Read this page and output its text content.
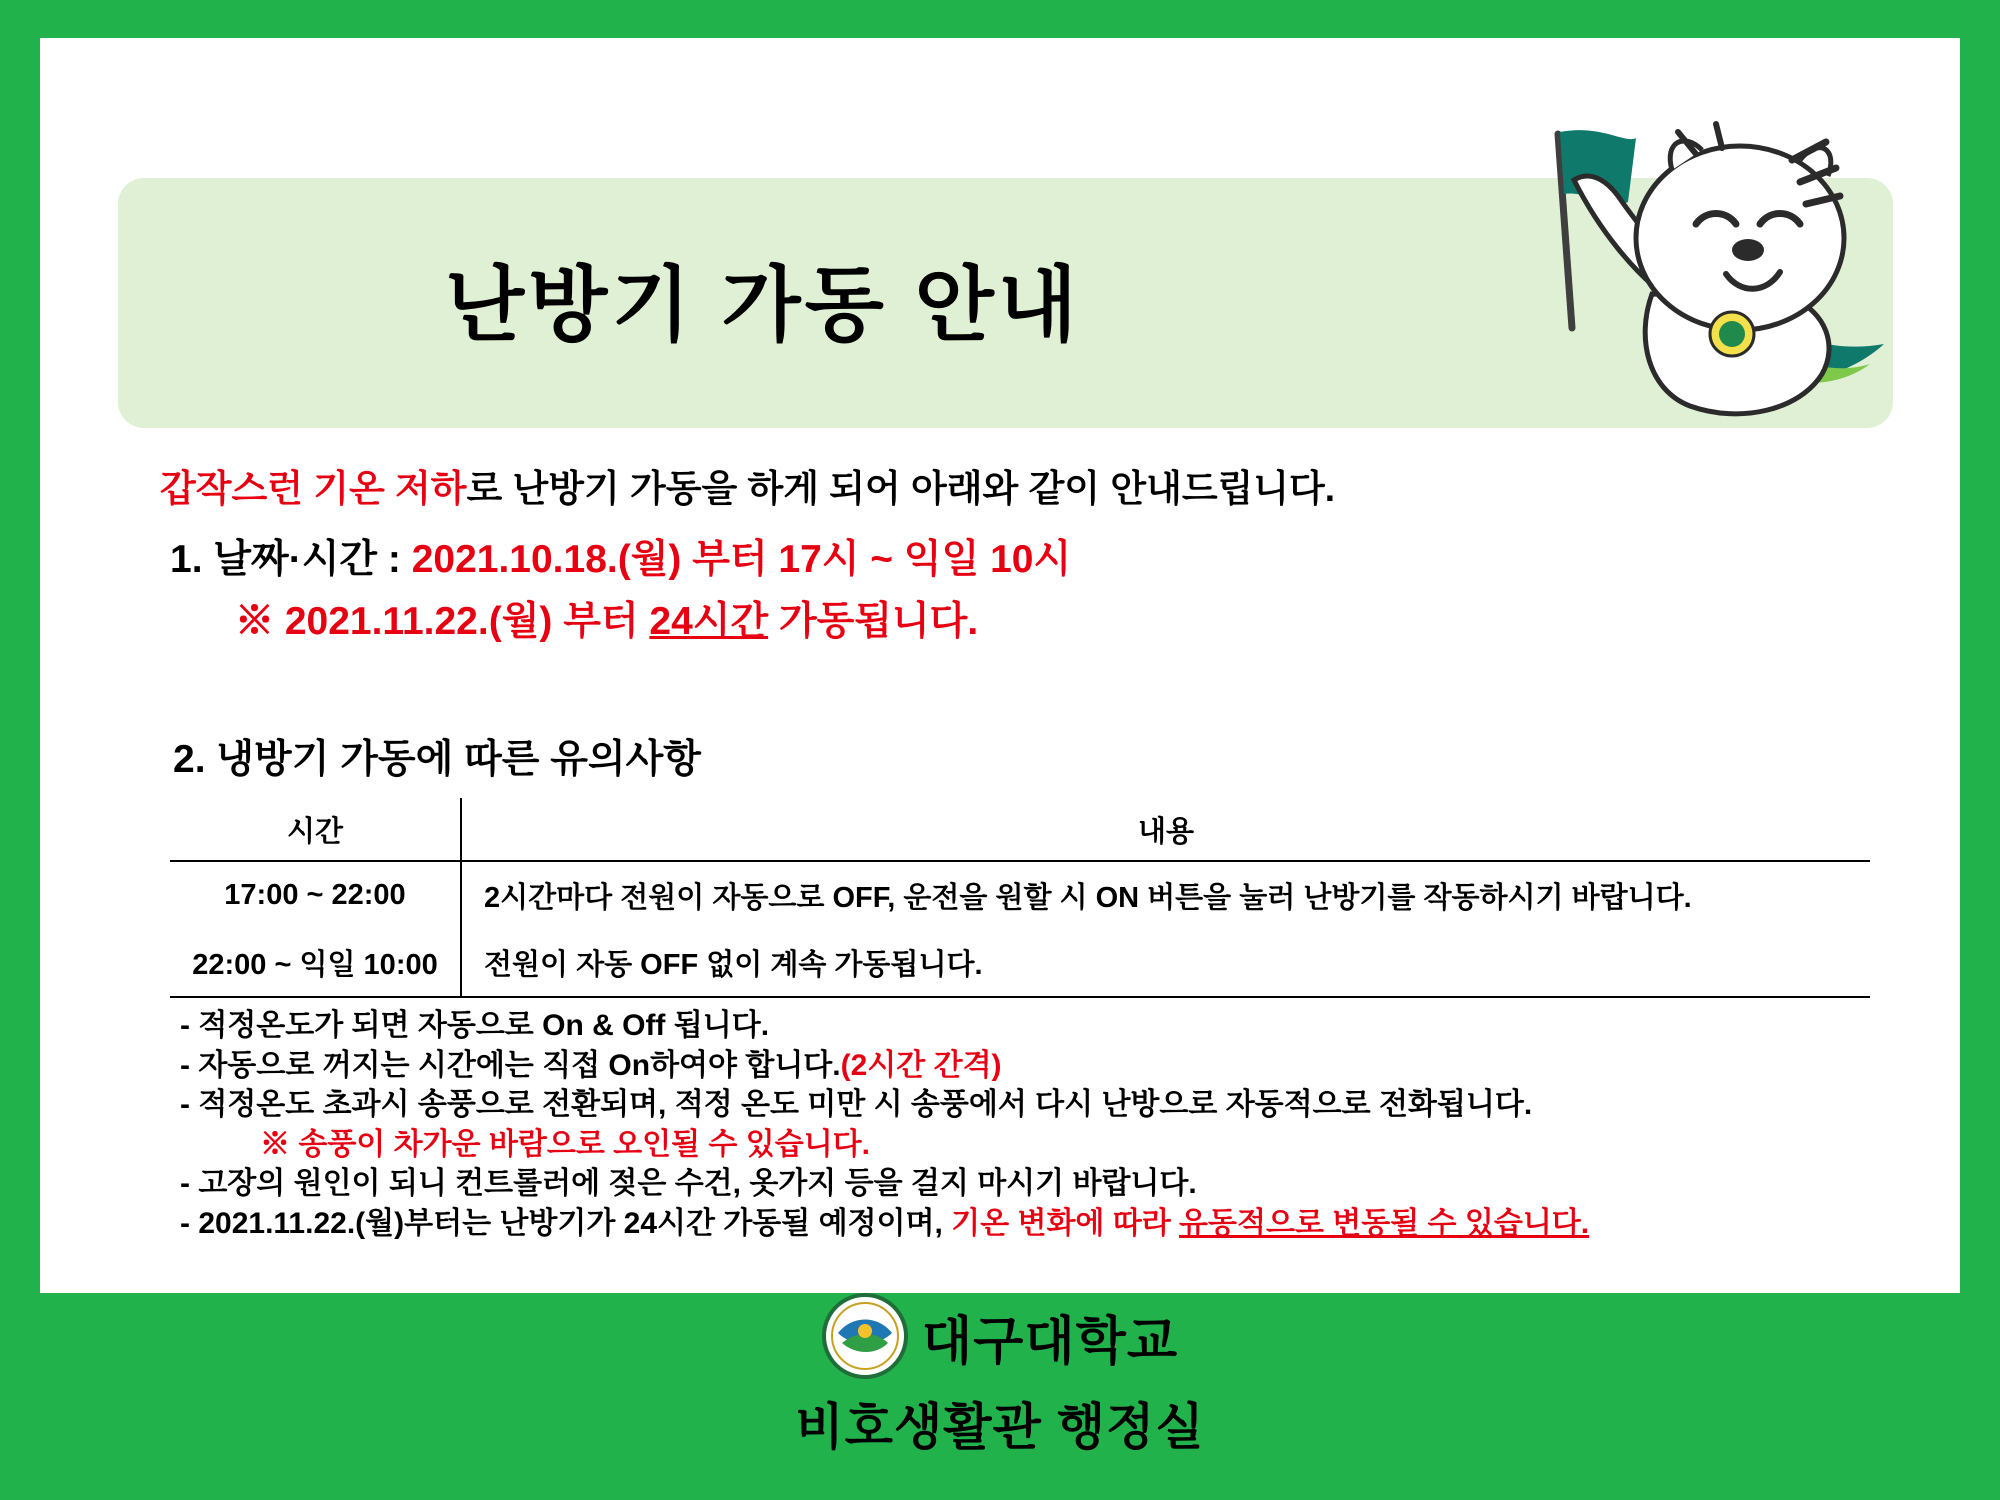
난방기 가동 안내
갑작스런 기온 저하로 난방기 가동을 하게 되어 아래와 같이 안내드립니다.
1. 날짜·시간 : 2021.10.18.(월) 부터 17시 ~ 익일 10시
※ 2021.11.22.(월) 부터 24시간 가동됩니다.
2. 냉방기 가동에 따른 유의사항
시간	내용
17:00 ~ 22:00	2시간마다 전원이 자동으로 OFF, 운전을 원할 시 ON 버튼을 눌러 난방기를 작동하시기 바랍니다.
22:00 ~ 익일 10:00	전원이 자동 OFF 없이 계속 가동됩니다.
- 적정온도가 되면 자동으로 On & Off 됩니다.
- 자동으로 꺼지는 시간에는 직접 On하여야 합니다.(2시간 간격)
- 적정온도 초과시 송풍으로 전환되며, 적정 온도 미만 시 송풍에서 다시 난방으로 자동적으로 전화됩니다.
※ 송풍이 차가운 바람으로 오인될 수 있습니다.
- 고장의 원인이 되니 컨트롤러에 젖은 수건, 옷가지 등을 걸지 마시기 바랍니다.
- 2021.11.22.(월)부터는 난방기가 24시간 가동될 예정이며, 기온 변화에 따라 유동적으로 변동될 수 있습니다.
대구대학교
비호생활관 행정실
